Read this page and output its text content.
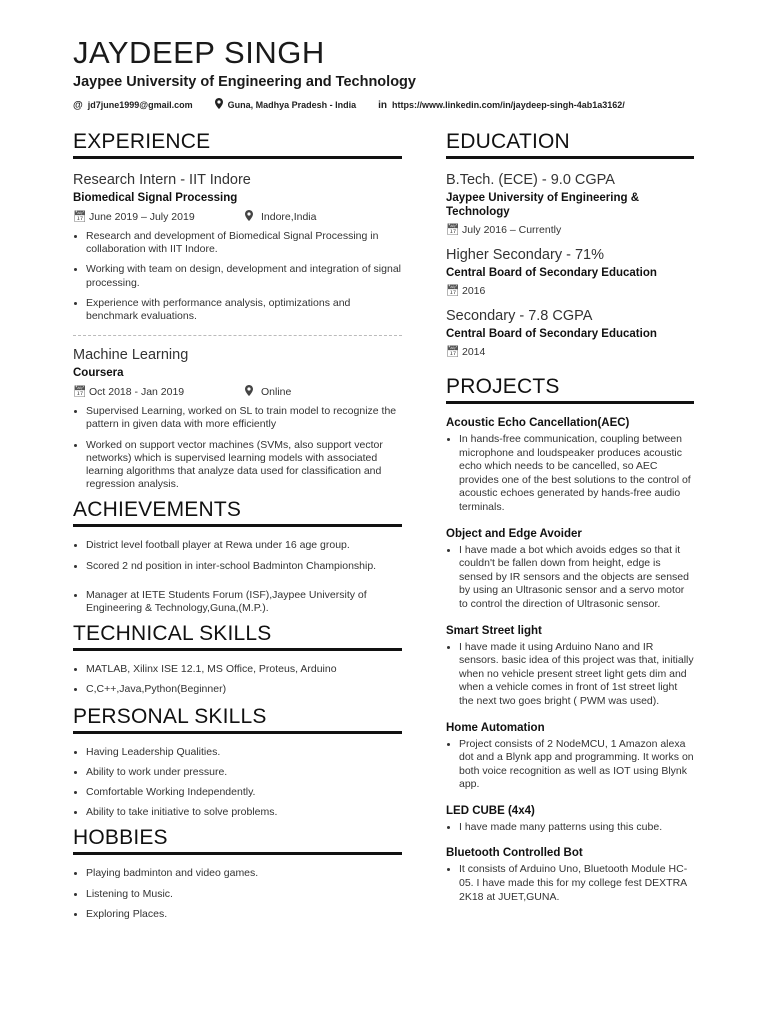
JAYDEEP SINGH
Jaypee University of Engineering and Technology
@ jd7june1999@gmail.com	Guna, Madhya Pradesh - India in https://www.linkedin.com/in/jaydeep-singh-4ab1a3162/
EXPERIENCE
Research Intern - IIT Indore
Biomedical Signal Processing
📅︎ June 2019 – July 2019	Indore,India
• Research and development of Biomedical Signal Processing in collaboration with IIT Indore.
• Working with team on design, development and integration of signal processing.
• Experience with performance analysis, optimizations and benchmark evaluations.
Machine Learning
Coursera
📅︎ Oct 2018 - Jan 2019	Online
• Supervised Learning, worked on SL to train model to recognize the pattern in given data with more efficiently
• Worked on support vector machines (SVMs, also support vector networks) which is supervised learning models with associated learning algorithms that analyze data used for classification and regression analysis.
ACHIEVEMENTS
• District level football player at Rewa under 16 age group.
• Scored 2 nd position in inter-school Badminton Championship.
• Manager at IETE Students Forum (ISF),Jaypee University of Engineering & Technology,Guna,(M.P.).
TECHNICAL SKILLS
• MATLAB, Xilinx ISE 12.1, MS Office, Proteus, Arduino
• C,C++,Java,Python(Beginner)
PERSONAL SKILLS
• Having Leadership Qualities.
• Ability to work under pressure.
• Comfortable Working Independently.
• Ability to take initiative to solve problems.
HOBBIES
• Playing badminton and video games.
• Listening to Music.
• Exploring Places.
EDUCATION
B.Tech. (ECE) - 9.0 CGPA
Jaypee University of Engineering & Technology
📅︎ July 2016 – Currently
Higher Secondary - 71%
Central Board of Secondary Education
📅︎ 2016
Secondary - 7.8 CGPA
Central Board of Secondary Education
📅︎ 2014
PROJECTS
Acoustic Echo Cancellation(AEC)
• In hands-free communication, coupling between microphone and loudspeaker produces acoustic echo which needs to be cancelled, so AEC provides one of the best solutions to the control of acoustic echoes generated by hands-free audio terminals.
Object and Edge Avoider
• I have made a bot which avoids edges so that it couldn't be fallen down from height, edge is sensed by IR sensors and the objects are sensed by using an Ultrasonic sensor and a servo motor to control the direction of Ultrasonic sensor.
Smart Street light
• I have made it using Arduino Nano and IR sensors. basic idea of this project was that, initially when no vehicle present street light gets dim and when a vehicle comes in front of 1st street light the next two goes bright ( PWM was used).
Home Automation
• Project consists of 2 NodeMCU, 1 Amazon alexa dot and a Blynk app and programming. It works on both voice recognition as well as IOT using Blynk app.
LED CUBE (4x4)
• I have made many patterns using this cube.
Bluetooth Controlled Bot
• It consists of Arduino Uno, Bluetooth Module HC-05. I have made this for my college fest DEXTRA 2K18 at JUET,GUNA.
